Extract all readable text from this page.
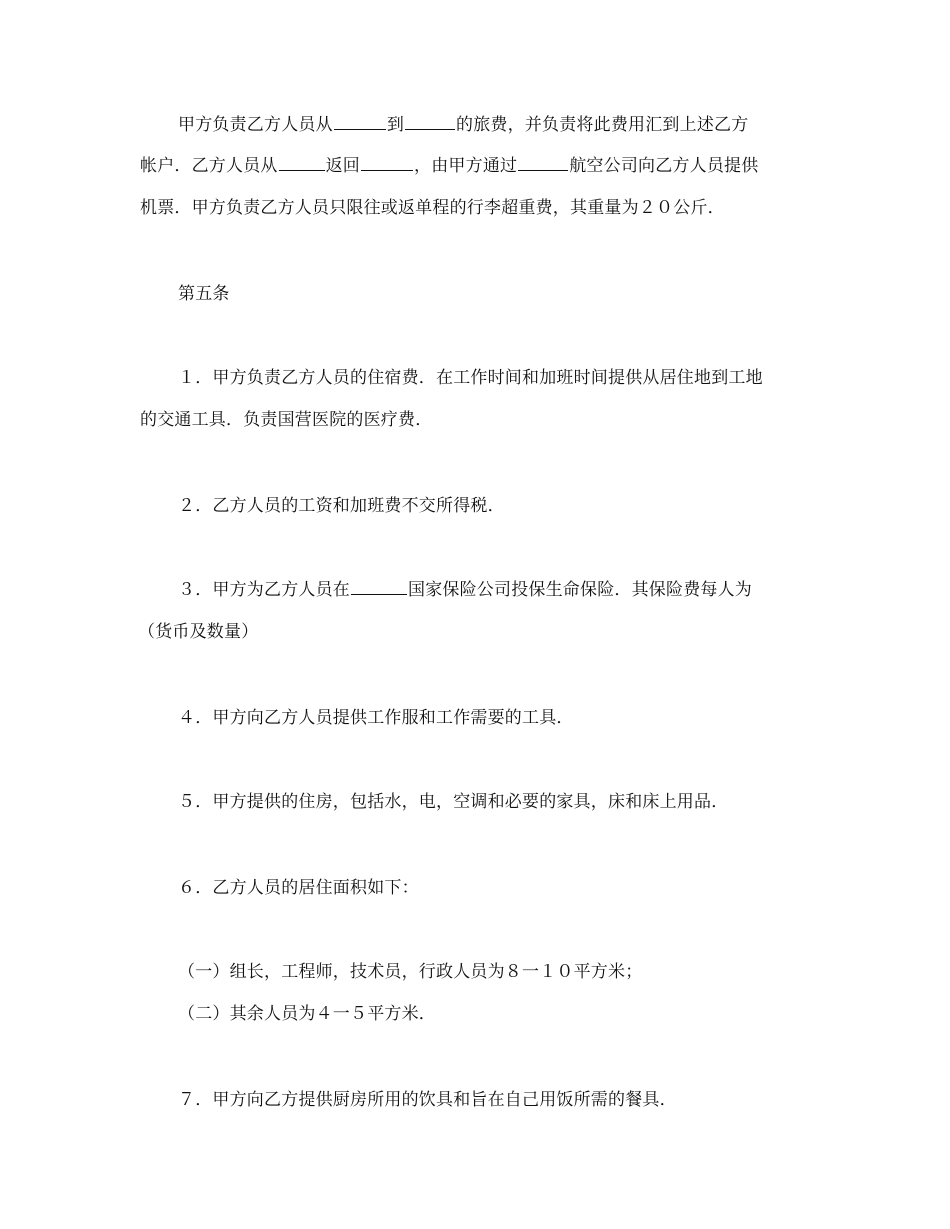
甲方负责乙方人员从	到	的旅费，并负责将此费用汇到上述乙方
帐户．乙方人员从	返回	，由甲方通过	航空公司向乙方人员提供
机票．甲方负责乙方人员只限往或返单程的行李超重费，其重量为２０公斤．
第五条
１．甲方负责乙方人员的住宿费．在工作时间和加班时间提供从居住地到工地
的交通工具．负责国营医院的医疗费．
２．乙方人员的工资和加班费不交所得税．
３．甲方为乙方人员在	国家保险公司投保生命保险．其保险费每人为
（货币及数量）
４．甲方向乙方人员提供工作服和工作需要的工具．
５．甲方提供的住房，包括水，电，空调和必要的家具，床和床上用品．
６．乙方人员的居住面积如下：
（一）组长，工程师，技术员，行政人员为８一１０平方米；
（二）其余人员为４一５平方米．
７．甲方向乙方提供厨房所用的饮具和旨在自己用饭所需的餐具．
